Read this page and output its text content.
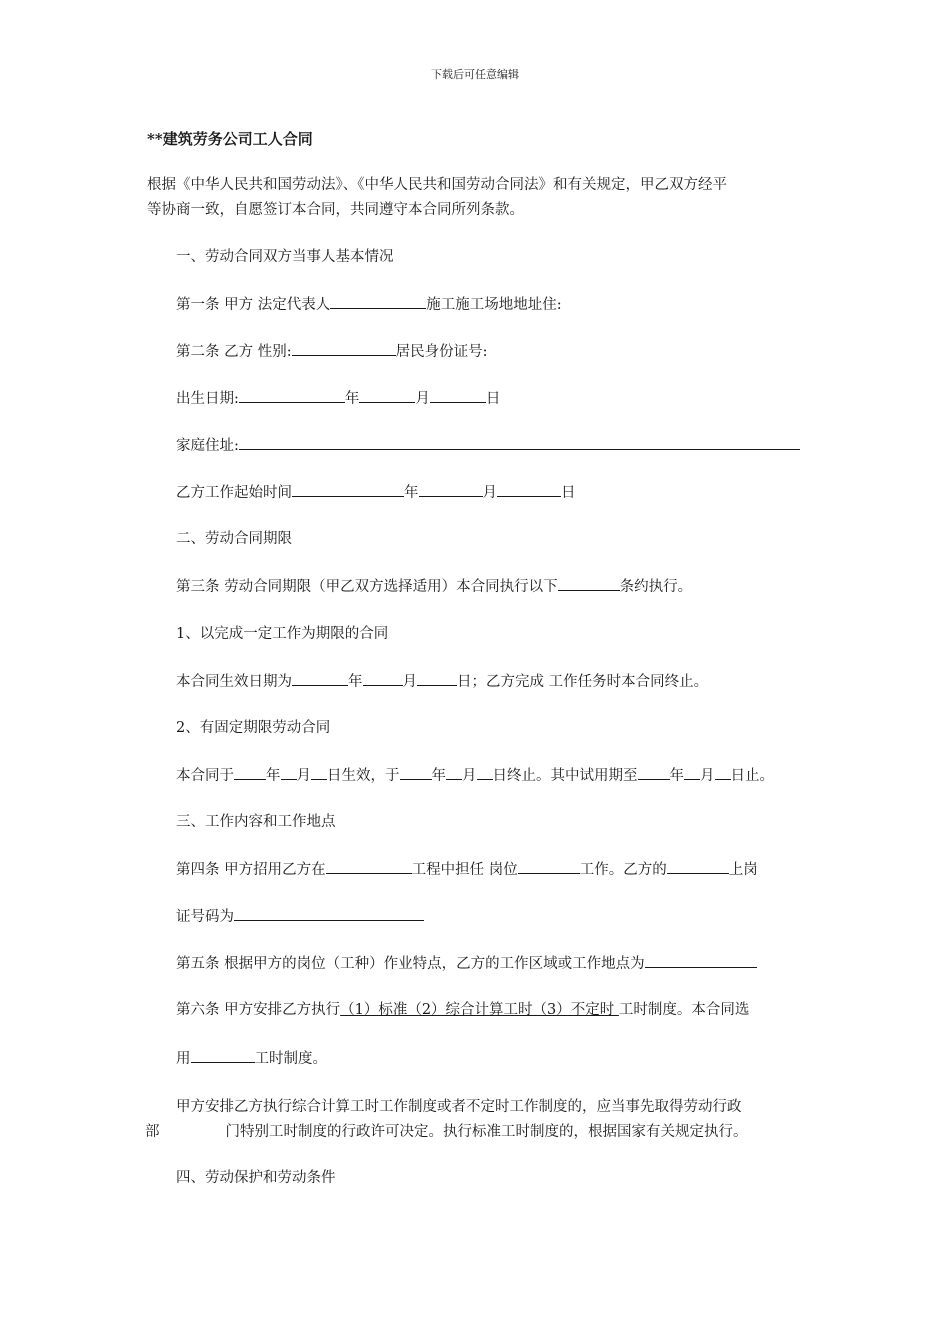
下载后可任意编辑
**建筑劳务公司工人合同
根据《中华人民共和国劳动法》、《中华人民共和国劳动合同法》和有关规定，甲乙双方经平
等协商一致，自愿签订本合同，共同遵守本合同所列条款。
一、劳动合同双方当事人基本情况
第一条 甲方 法定代表人	施工施工场地地址住:
第二条 乙方 性别:	居民身份证号:
出生日期:	年	月	日
家庭住址:
乙方工作起始时间	年	月	日
二、劳动合同期限
第三条 劳动合同期限（甲乙双方选择适用）本合同执行以下	条约执行。
1、以完成一定工作为期限的合同
本合同生效日期为	年	月	日；乙方完成 工作任务时本合同终止。
2、有固定期限劳动合同
本合同于 年 月 日生效，于 年 月 日终止。其中试用期至 年 月 日止。
三、工作内容和工作地点
第四条 甲方招用乙方在	工程中担任 岗位	工作。乙方的	上岗
证号码为
第五条 根据甲方的岗位（工种）作业特点，乙方的工作区域或工作地点为
第六条 甲方安排乙方执行（1）标准（2）综合计算工时（3）不定时 工时制度。本合同选
用	工时制度。
甲方安排乙方执行综合计算工时工作制度或者不定时工作制度的，应当事先取得劳动行政
部	门特别工时制度的行政许可决定。执行标准工时制度的，根据国家有关规定执行。
四、劳动保护和劳动条件
